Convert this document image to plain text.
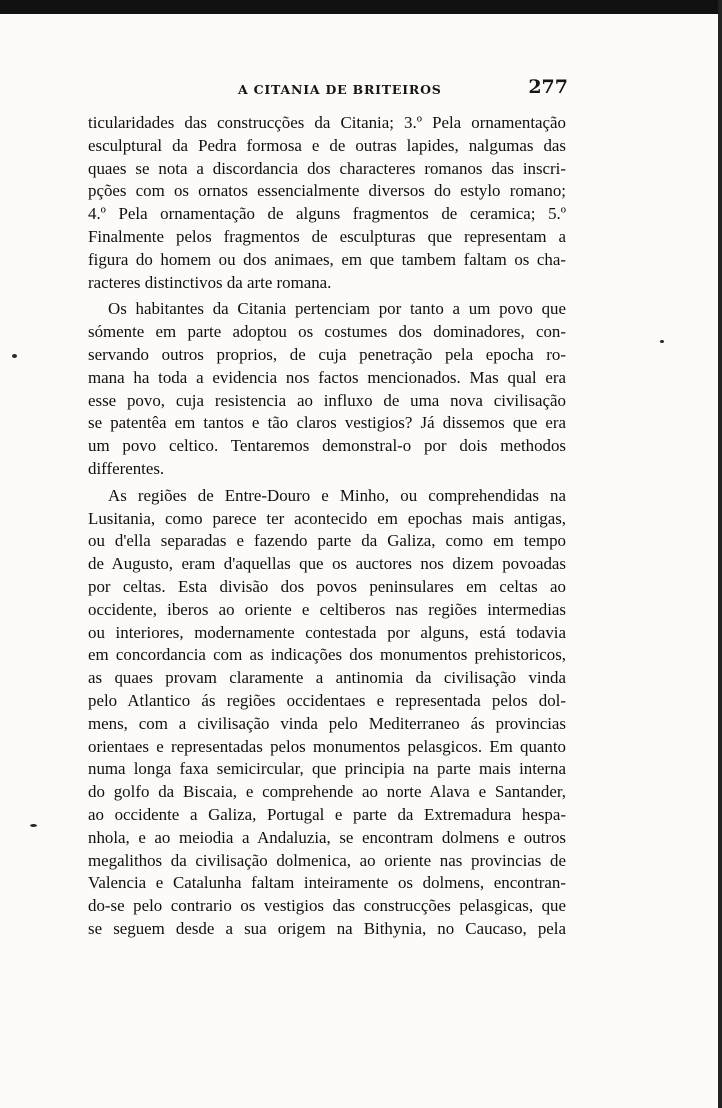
A CITANIA DE BRITEIROS	277
ticularidades das construcções da Citania; 3.º Pela ornamentação
esculptural da Pedra formosa e de outras lapides, nalgumas das
quaes se nota a discordancia dos characteres romanos das inscri-
pções com os ornatos essencialmente diversos do estylo romano;
4.º Pela ornamentação de alguns fragmentos de ceramica; 5.º
Finalmente pelos fragmentos de esculpturas que representam a
figura do homem ou dos animaes, em que tambem faltam os cha-
racteres distinctivos da arte romana.
Os habitantes da Citania pertenciam por tanto a um povo que
sómente em parte adoptou os costumes dos dominadores, con-
servando outros proprios, de cuja penetração pela epocha ro-
mana ha toda a evidencia nos factos mencionados. Mas qual era
esse povo, cuja resistencia ao influxo de uma nova civilisação
se patentêa em tantos e tão claros vestigios? Já dissemos que era
um povo celtico. Tentaremos demonstral-o por dois methodos
differentes.
As regiões de Entre-Douro e Minho, ou comprehendidas na
Lusitania, como parece ter acontecido em epochas mais antigas,
ou d'ella separadas e fazendo parte da Galiza, como em tempo
de Augusto, eram d'aquellas que os auctores nos dizem povoadas
por celtas. Esta divisão dos povos peninsulares em celtas ao
occidente, iberos ao oriente e celtiberos nas regiões intermedias
ou interiores, modernamente contestada por alguns, está todavia
em concordancia com as indicações dos monumentos prehistoricos,
as quaes provam claramente a antinomia da civilisação vinda
pelo Atlantico ás regiões occidentaes e representada pelos dol-
mens, com a civilisação vinda pelo Mediterraneo ás provincias
orientaes e representadas pelos monumentos pelasgicos. Em quanto
numa longa faxa semicircular, que principia na parte mais interna
do golfo da Biscaia, e comprehende ao norte Alava e Santander,
ao occidente a Galiza, Portugal e parte da Extremadura hespa-
nhola, e ao meiodia a Andaluzia, se encontram dolmens e outros
megalithos da civilisação dolmenica, ao oriente nas provincias de
Valencia e Catalunha faltam inteiramente os dolmens, encontran-
do-se pelo contrario os vestigios das construcções pelasgicas, que
se seguem desde a sua origem na Bithynia, no Caucaso, pela
